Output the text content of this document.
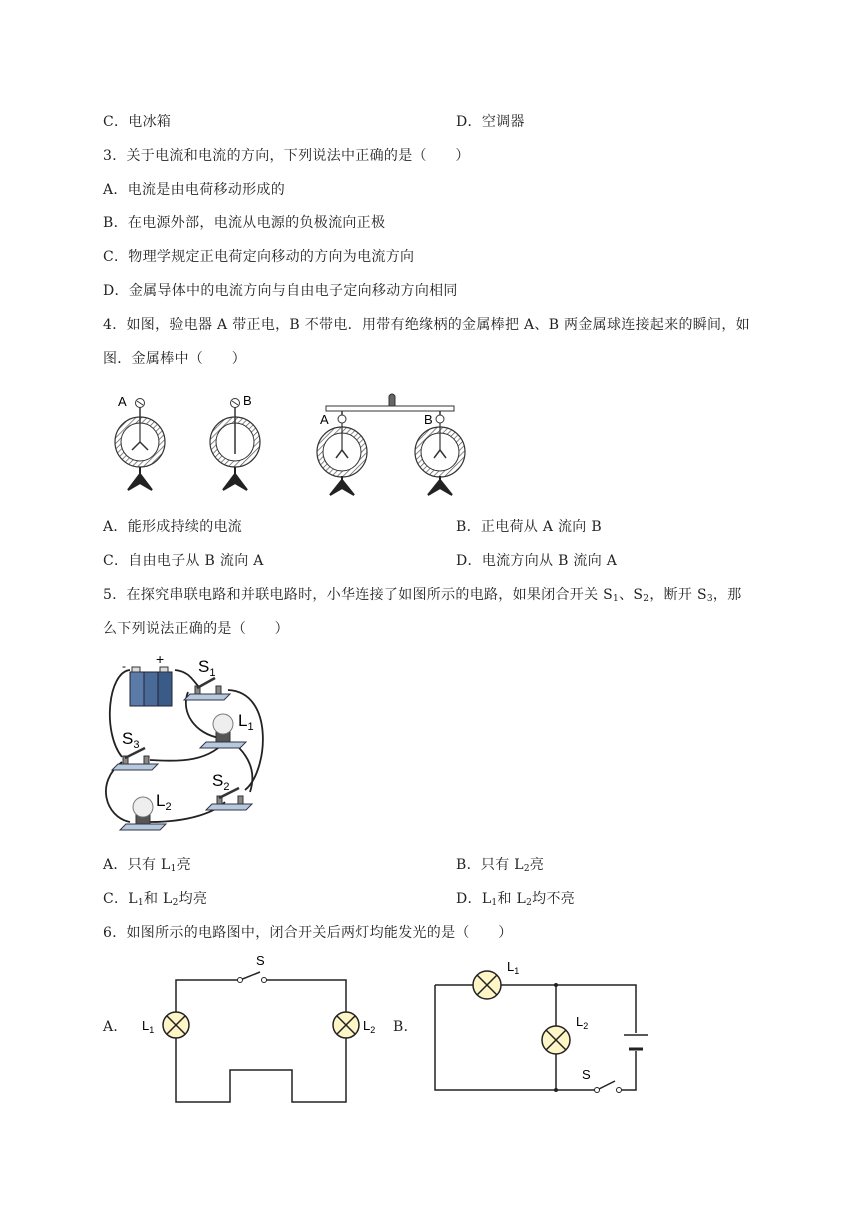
C．电冰箱	D．空调器
3．关于电流和电流的方向，下列说法中正确的是（　　）
A．电流是由电荷移动形成的
B．在电源外部，电流从电源的负极流向正极
C．物理学规定正电荷定向移动的方向为电流方向
D．金属导体中的电流方向与自由电子定向移动方向相同
4．如图，验电器 A 带正电，B 不带电．用带有绝缘柄的金属棒把 A、B 两金属球连接起来的瞬间，如
图．金属棒中（　　）
A	B
A	B
A．能形成持续的电流	B．正电荷从 A 流向 B
C．自由电子从 B 流向 A	D．电流方向从 B 流向 A
5．在探究串联电路和并联电路时，小华连接了如图所示的电路，如果闭合开关 $S_1$、$S_2$，断开 $S_3$，那
么下列说法正确的是（　　）
- + $S_1$
$L_1$
$S_3$
$S_2$
$L_2$
A．只有 $L_1$亮	B．只有 $L_2$亮
C．$L_1$和 $L_2$均亮	D．$L_1$和 $L_2$均不亮
6．如图所示的电路图中，闭合开关后两灯均能发光的是（　　）
A．	B．
S
$L_1$	$L_2$
$L_1$
$L_2$
S
